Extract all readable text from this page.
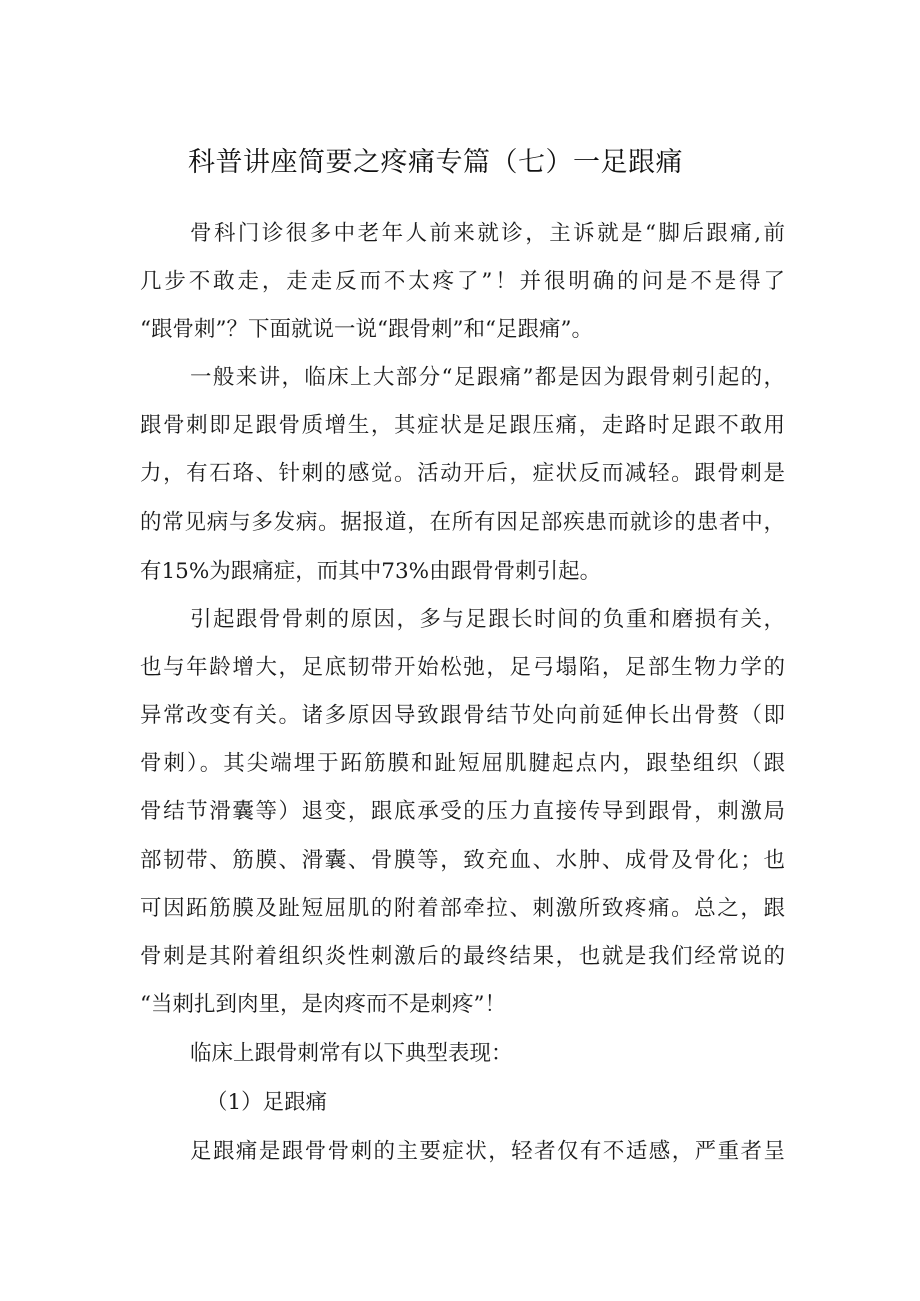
科普讲座简要之疼痛专篇（七）一足跟痛

骨科门诊很多中老年人前来就诊，主诉就是“脚后跟痛,前

几步不敢走，走走反而不太疼了”！并很明确的问是不是得了

“跟骨刺”？下面就说一说“跟骨刺”和“足跟痛”。

一般来讲，临床上大部分“足跟痛”都是因为跟骨刺引起的，

跟骨刺即足跟骨质增生，其症状是足跟压痛，走路时足跟不敢用

力，有石珞、针刺的感觉。活动开后，症状反而减轻。跟骨刺是

的常见病与多发病。据报道，在所有因足部疾患而就诊的患者中，

有15%为跟痛症，而其中73%由跟骨骨刺引起。

引起跟骨骨刺的原因，多与足跟长时间的负重和磨损有关，

也与年龄增大，足底韧带开始松弛，足弓塌陷，足部生物力学的

异常改变有关。诸多原因导致跟骨结节处向前延伸长出骨赘（即

骨刺）。其尖端埋于跖筋膜和趾短屈肌腱起点内，跟垫组织（跟

骨结节滑囊等）退变，跟底承受的压力直接传导到跟骨，刺激局

部韧带、筋膜、滑囊、骨膜等，致充血、水肿、成骨及骨化；也

可因跖筋膜及趾短屈肌的附着部牵拉、刺激所致疼痛。总之，跟

骨刺是其附着组织炎性刺激后的最终结果，也就是我们经常说的

“当刺扎到肉里，是肉疼而不是刺疼”！

临床上跟骨刺常有以下典型表现：

（1）足跟痛

足跟痛是跟骨骨刺的主要症状，轻者仅有不适感，严重者呈
